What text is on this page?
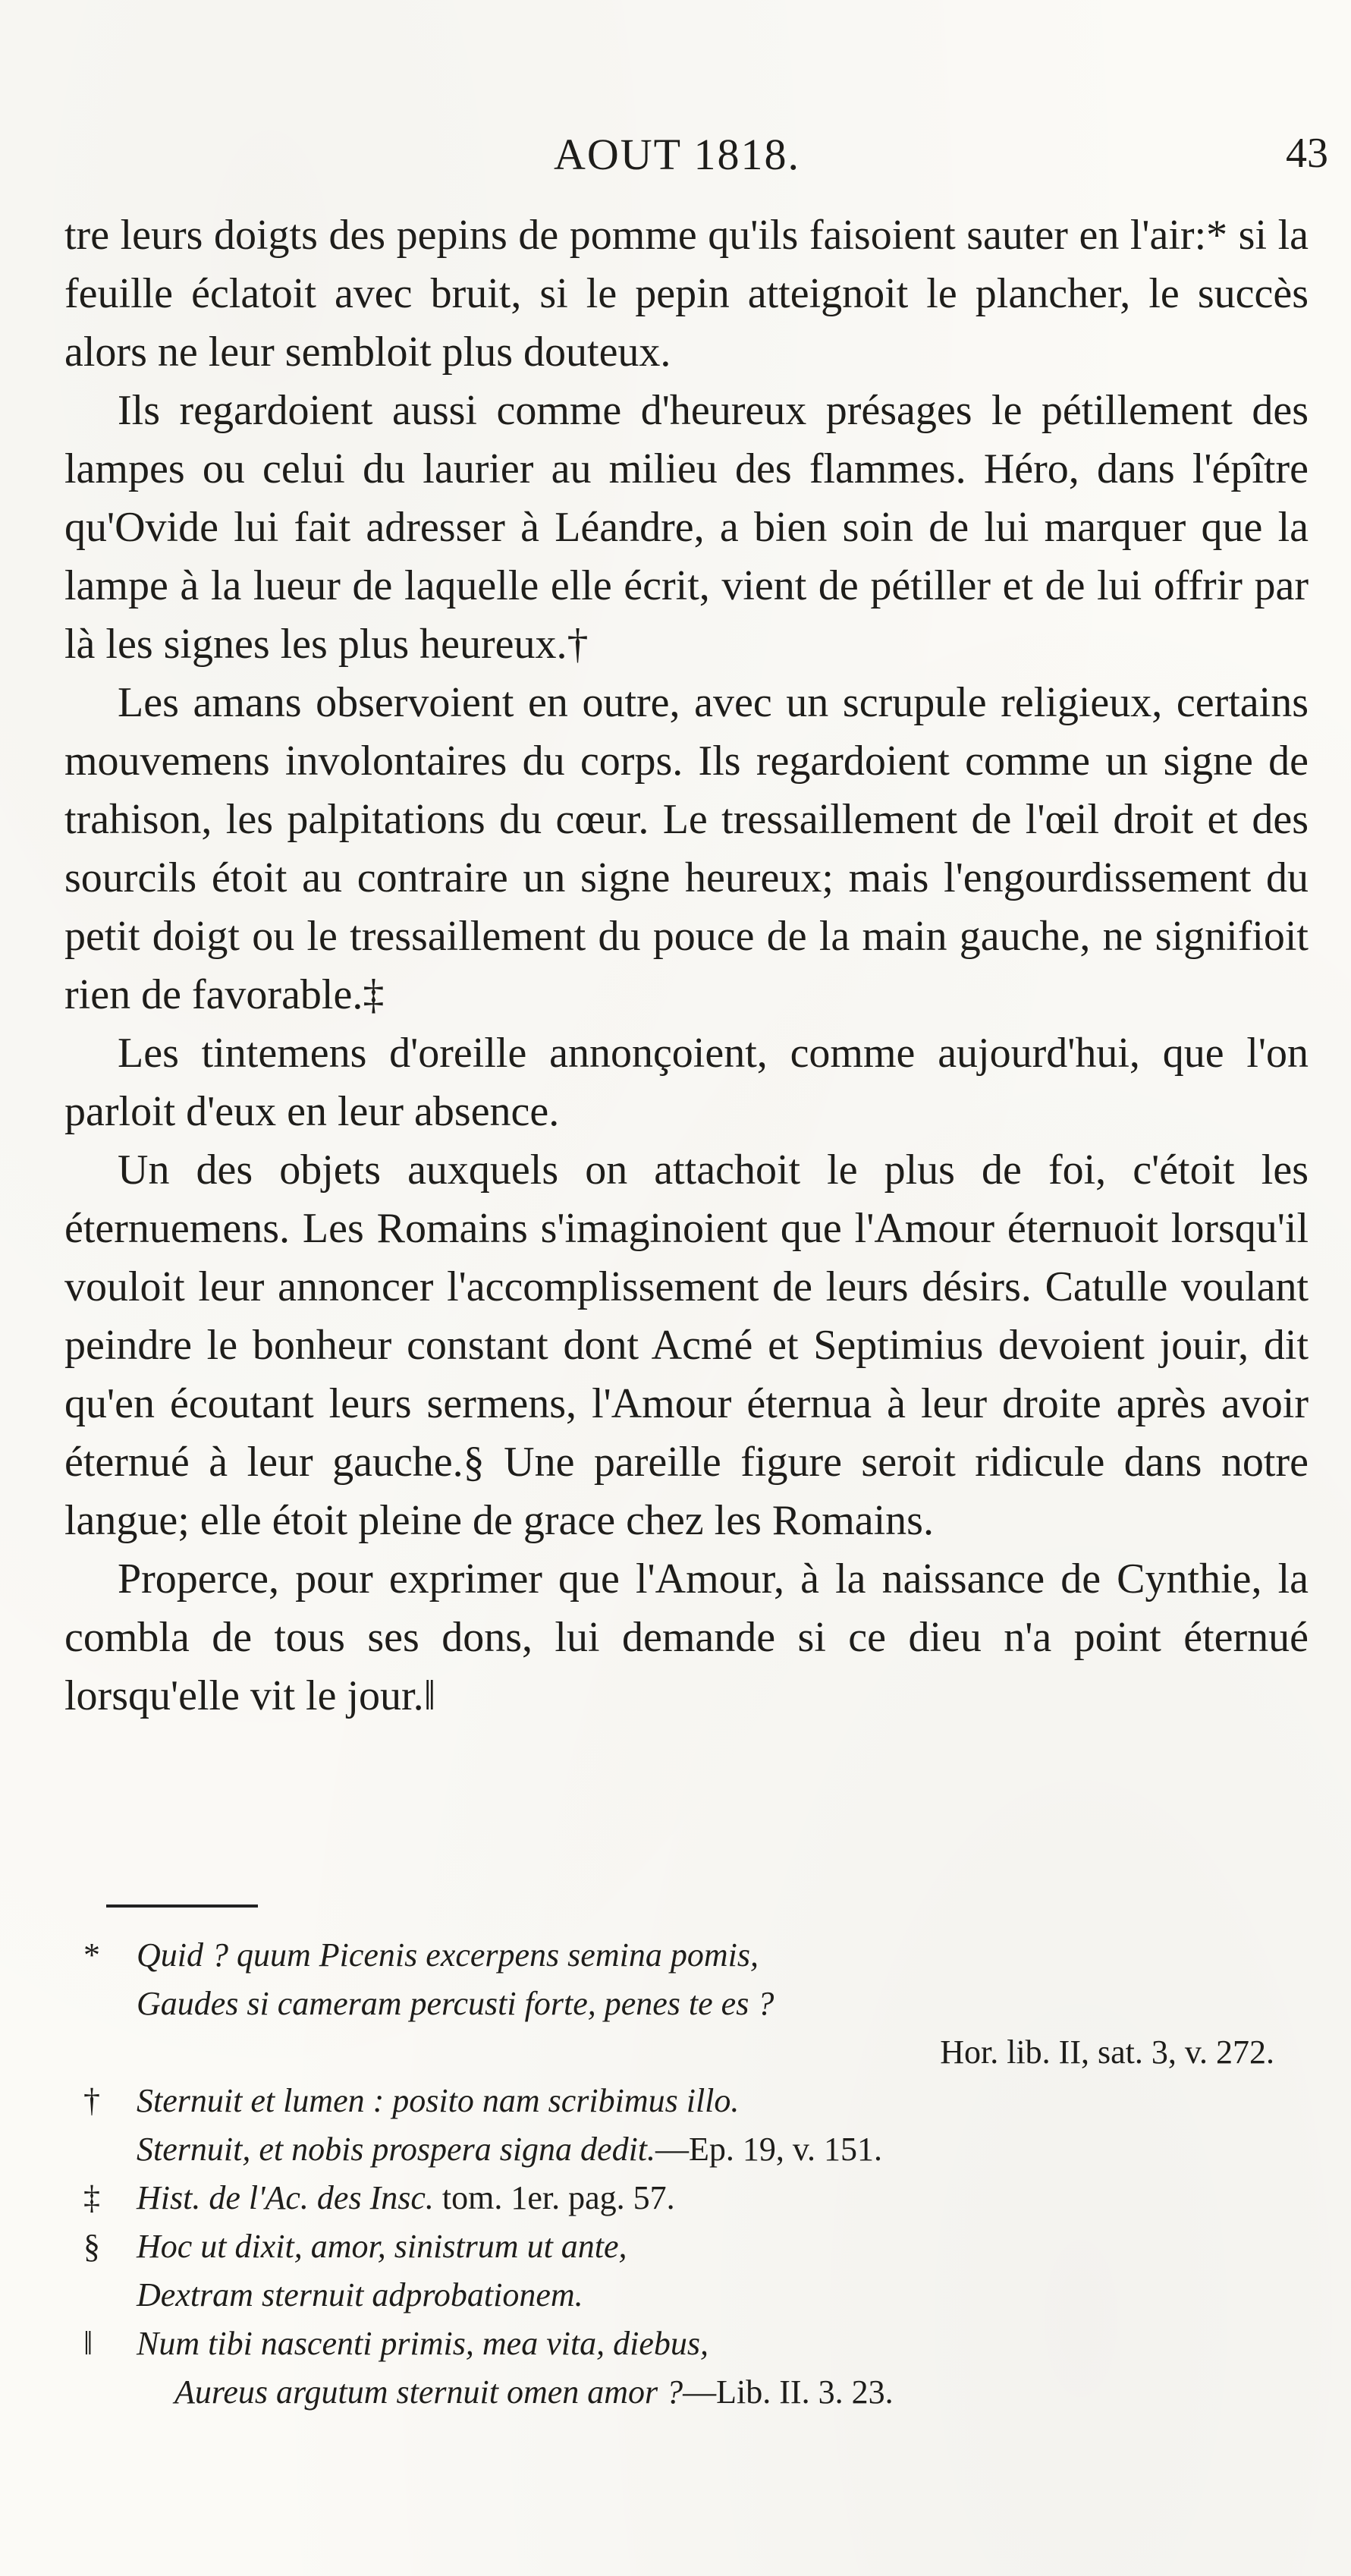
AOUT 1818.	43

tre leurs doigts des pepins de pomme qu'ils faisoient sauter en l'air:* si la feuille éclatoit avec bruit, si le pepin atteignoit le plancher, le succès alors ne leur sembloit plus douteux.

Ils regardoient aussi comme d'heureux présages le pétillement des lampes ou celui du laurier au milieu des flammes. Héro, dans l'épître qu'Ovide lui fait adresser à Léandre, a bien soin de lui marquer que la lampe à la lueur de laquelle elle écrit, vient de pétiller et de lui offrir par là les signes les plus heureux.†

Les amans observoient en outre, avec un scrupule religieux, certains mouvemens involontaires du corps. Ils regardoient comme un signe de trahison, les palpitations du cœur. Le tressaillement de l'œil droit et des sourcils étoit au contraire un signe heureux; mais l'engourdissement du petit doigt ou le tressaillement du pouce de la main gauche, ne signifioit rien de favorable.‡

Les tintemens d'oreille annonçoient, comme aujourd'hui, que l'on parloit d'eux en leur absence.

Un des objets auxquels on attachoit le plus de foi, c'étoit les éternuemens. Les Romains s'imaginoient que l'Amour éternuoit lorsqu'il vouloit leur annoncer l'accomplissement de leurs désirs. Catulle voulant peindre le bonheur constant dont Acmé et Septimius devoient jouir, dit qu'en écoutant leurs sermens, l'Amour éternua à leur droite après avoir éternué à leur gauche.§ Une pareille figure seroit ridicule dans notre langue; elle étoit pleine de grace chez les Romains.

Properce, pour exprimer que l'Amour, à la naissance de Cynthie, la combla de tous ses dons, lui demande si ce dieu n'a point éternué lorsqu'elle vit le jour.‖

*	Quid ? quum Picenis excerpens semina pomis,
Gaudes si cameram percusti forte, penes te es ?
Hor. lib. II, sat. 3, v. 272.
†	Sternuit et lumen : posito nam scribimus illo.
Sternuit, et nobis prospera signa dedit.—Ep. 19, v. 151.
‡	Hist. de l'Ac. des Insc. tom. 1er. pag. 57.
§	Hoc ut dixit, amor, sinistrum ut ante,
Dextram sternuit adprobationem.
‖	Num tibi nascenti primis, mea vita, diebus,
Aureus argutum sternuit omen amor ?—Lib. II. 3. 23.
